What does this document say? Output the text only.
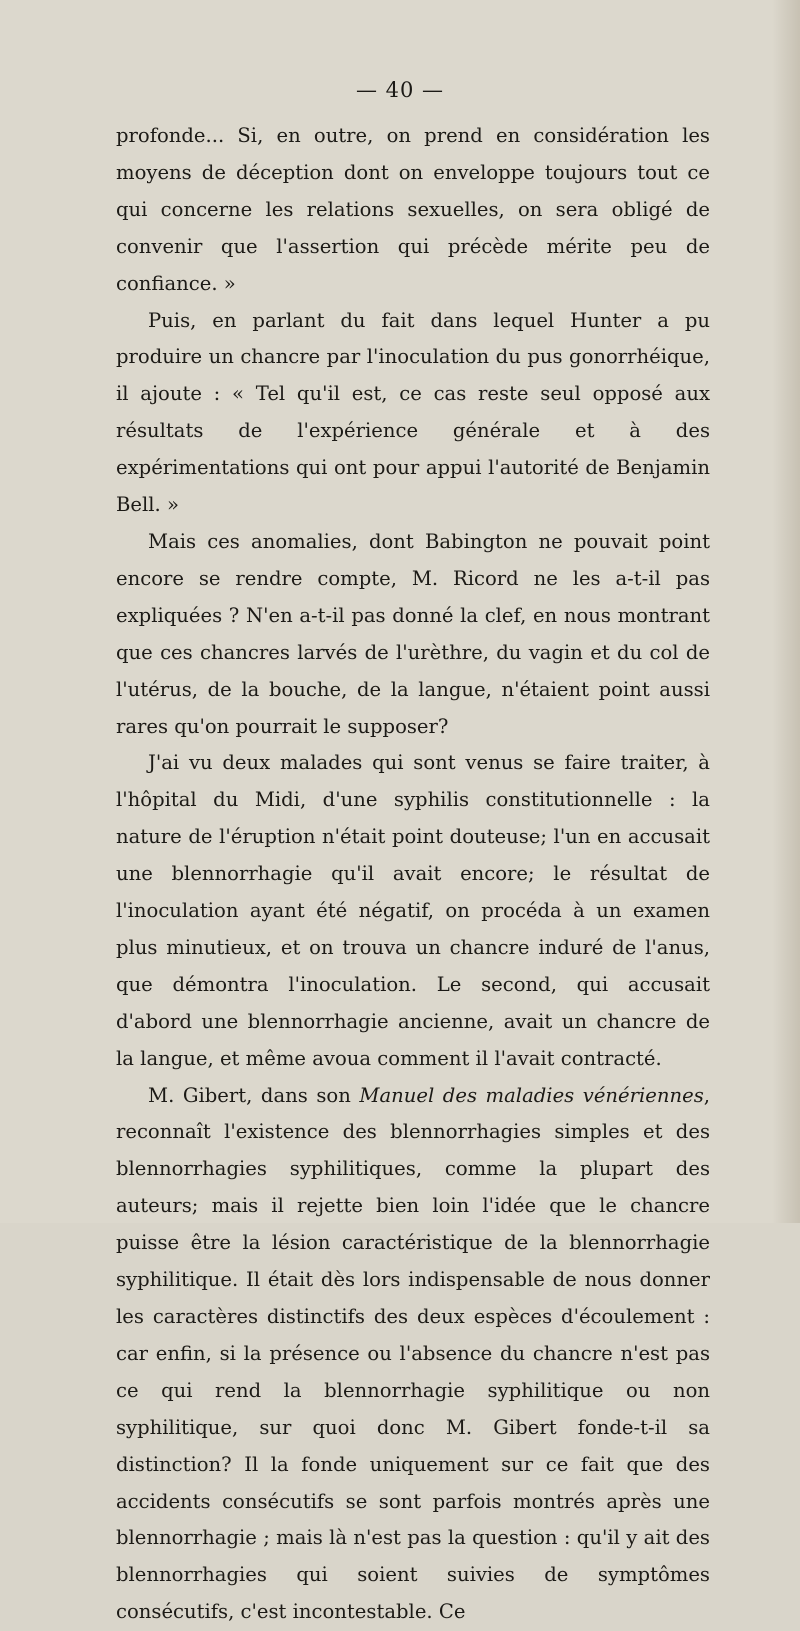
— 40 —

profonde... Si, en outre, on prend en considération les moyens de déception dont on enveloppe toujours tout ce qui concerne les relations sexuelles, on sera obligé de convenir que l'assertion qui précède mérite peu de confiance. »

Puis, en parlant du fait dans lequel Hunter a pu produire un chancre par l'inoculation du pus gonorrhéique, il ajoute : « Tel qu'il est, ce cas reste seul opposé aux résultats de l'expérience générale et à des expérimentations qui ont pour appui l'autorité de Benjamin Bell. »

Mais ces anomalies, dont Babington ne pouvait point encore se rendre compte, M. Ricord ne les a-t-il pas expliquées ? N'en a-t-il pas donné la clef, en nous montrant que ces chancres larvés de l'urèthre, du vagin et du col de l'utérus, de la bouche, de la langue, n'étaient point aussi rares qu'on pourrait le supposer?

J'ai vu deux malades qui sont venus se faire traiter, à l'hôpital du Midi, d'une syphilis constitutionnelle : la nature de l'éruption n'était point douteuse; l'un en accusait une blennorrhagie qu'il avait encore; le résultat de l'inoculation ayant été négatif, on procéda à un examen plus minutieux, et on trouva un chancre induré de l'anus, que démontra l'inoculation. Le second, qui accusait d'abord une blennorrhagie ancienne, avait un chancre de la langue, et même avoua comment il l'avait contracté.

M. Gibert, dans son Manuel des maladies vénériennes, reconnaît l'existence des blennorrhagies simples et des blennorrhagies syphilitiques, comme la plupart des auteurs; mais il rejette bien loin l'idée que le chancre puisse être la lésion caractéristique de la blennorrhagie syphilitique. Il était dès lors indispensable de nous donner les caractères distinctifs des deux espèces d'écoulement : car enfin, si la présence ou l'absence du chancre n'est pas ce qui rend la blennorrhagie syphilitique ou non syphilitique, sur quoi donc M. Gibert fonde-t-il sa distinction? Il la fonde uniquement sur ce fait que des accidents consécutifs se sont parfois montrés après une blennorrhagie ; mais là n'est pas la question : qu'il y ait des blennorrhagies qui soient suivies de symptômes consécutifs, c'est incontestable. Ce
